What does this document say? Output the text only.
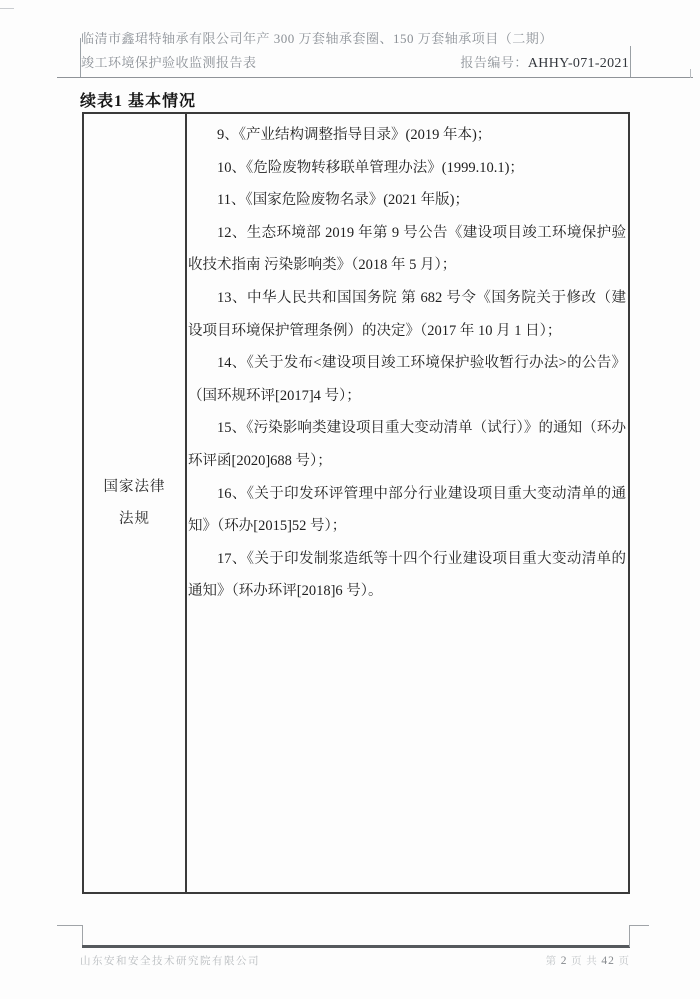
临清市鑫珺特轴承有限公司年产 300 万套轴承套圈、150 万套轴承项目（二期）
竣工环境保护验收监测报告表	报告编号：AHHY-071-2021
续表1 基本情况
国家法律法规

9、《产业结构调整指导目录》(2019 年本)；

10、《危险废物转移联单管理办法》(1999.10.1)；

11、《国家危险废物名录》(2021 年版)；

12、生态环境部 2019 年第 9 号公告《建设项目竣工环境保护验收技术指南 污染影响类》（2018 年 5 月）；

13、中华人民共和国国务院 第 682 号令《国务院关于修改（建设项目环境保护管理条例）的决定》（2017 年 10 月 1 日）；

14、《关于发布<建设项目竣工环境保护验收暂行办法>的公告》（国环规环评[2017]4 号）；

15、《污染影响类建设项目重大变动清单（试行）》的通知（环办环评函[2020]688 号）；

16、《关于印发环评管理中部分行业建设项目重大变动清单的通知》（环办[2015]52 号）；

17、《关于印发制浆造纸等十四个行业建设项目重大变动清单的通知》（环办环评[2018]6 号）。

山东安和安全技术研究院有限公司	第 2 页 共 42 页
